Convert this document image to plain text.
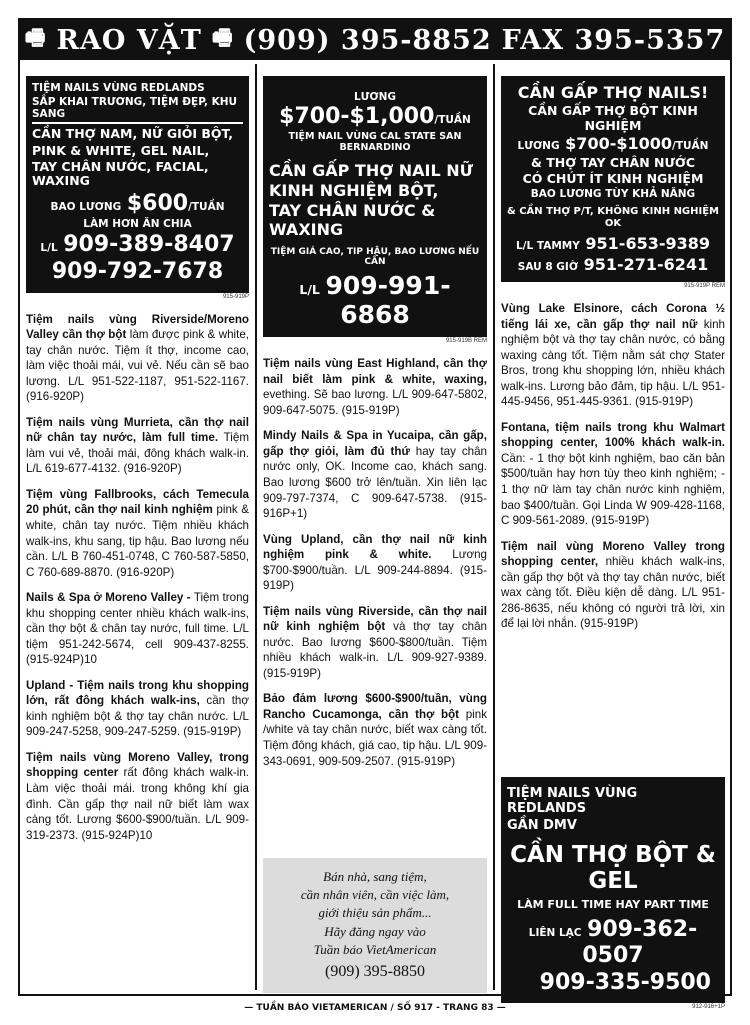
🖷 RAO VẶT 🖷 (909) 395-8852 FAX 395-5357
TIỆM NAILS VÙNG REDLANDS
SẮP KHAI TRƯƠNG, TIỆM ĐẸP, KHU SANG
CẦN THỢ NAM, NỮ GIỎI BỘT,
PINK & WHITE, GEL NAIL,
TAY CHÂN NƯỚC, FACIAL, WAXING
BAO LƯƠNG $600/TUẦN
LÀM HƠN ĂN CHIA
L/L 909-389-8407
909-792-7678
915-919P

Tiệm nails vùng Riverside/Moreno Valley cần thợ bột làm được pink & white, tay chân nước. Tiệm ít thợ, income cao, làm việc thoải mái, vui vẻ. Nếu cần sẽ bao lương. L/L 951-522-1187, 951-522-1167. (916-920P)

Tiệm nails vùng Murrieta, cần thợ nail nữ chân tay nước, làm full time. Tiệm làm vui vẻ, thoải mái, đông khách walk-in. L/L 619-677-4132. (916-920P)

Tiệm vùng Fallbrooks, cách Temecula 20 phút, cần thợ nail kinh nghiệm pink & white, chân tay nước. Tiệm nhiều khách walk-ins, khu sang, tip hậu. Bao lương nếu cần. L/L B 760-451-0748, C 760-587-5850, C 760-689-8870. (916-920P)

Nails & Spa ở Moreno Valley - Tiệm trong khu shopping center nhiều khách walk-ins, cần thợ bột & chân tay nước, full time. L/L tiệm 951-242-5674, cell 909-437-8255. (915-924P)10

Upland - Tiệm nails trong khu shopping lớn, rất đông khách walk-ins, cần thợ kinh nghiệm bột & thợ tay chân nước. L/L 909-247-5258, 909-247-5259. (915-919P)

Tiệm nails vùng Moreno Valley, trong shopping center rất đông khách walk-in. Làm việc thoải mái. trong không khí gia đình. Cần gấp thợ nail nữ biết làm wax càng tốt. Lương $600-$900/tuần. L/L 909-319-2373. (915-924P)10

LƯƠNG $700-$1,000/TUẦN
TIỆM NAIL VÙNG CAL STATE SAN BERNARDINO
CẦN GẤP THỢ NAIL NỮ
KINH NGHIỆM BỘT,
TAY CHÂN NƯỚC & WAXING
TIỆM GIÁ CAO, TIP HẬU, BAO LƯƠNG NẾU CẦN
L/L 909-991-6868
915-919B REM

Tiệm nails vùng East Highland, cần thợ nail biết làm pink & white, waxing, evething. Sẽ bao lương. L/L 909-647-5802, 909-647-5075. (915-919P)

Mindy Nails & Spa in Yucaipa, cần gấp, gấp thợ giỏi, làm đủ thứ hay tay chân nước only, OK. Income cao, khách sang. Bao lương $600 trở lên/tuần. Xin liên lạc 909-797-7374, C 909-647-5738. (915-916P+1)

Vùng Upland, cần thợ nail nữ kinh nghiệm pink & white. Lương $700-$900/tuần. L/L 909-244-8894. (915-919P)

Tiệm nails vùng Riverside, cần thợ nail nữ kinh nghiệm bột và thợ tay chân nước. Bao lương $600-$800/tuần. Tiệm nhiều khách walk-in. L/L 909-927-9389. (915-919P)

Bảo đảm lương $600-$900/tuần, vùng Rancho Cucamonga, cần thợ bột pink /white và tay chân nước, biết wax càng tốt. Tiệm đông khách, giá cao, tip hậu. L/L 909-343-0691, 909-509-2507. (915-919P)

Bán nhà, sang tiệm,
cần nhân viên, cần việc làm,
giới thiệu sản phẩm...
Hãy đăng ngay vào
Tuần báo VietAmerican
(909) 395-8850
CẦN GẤP THỢ NAILS!
CẦN GẤP THỢ BỘT KINH NGHIỆM
LƯƠNG $700-$1000/TUẦN
& THỢ TAY CHÂN NƯỚC
CÓ CHÚT ÍT KINH NGHIỆM
BAO LƯƠNG TÙY KHẢ NĂNG
& CẦN THỢ P/T, KHÔNG KINH NGHIỆM OK
L/L TAMMY 951-653-9389
SAU 8 GIỜ 951-271-6241
915-919P REM

Vùng Lake Elsinore, cách Corona ½ tiếng lái xe, cần gấp thợ nail nữ kinh nghiệm bột và thợ tay chân nước, có bằng waxing càng tốt. Tiệm nằm sát chợ Stater Bros, trong khu shopping lớn, nhiều khách walk-ins. Lương bảo đảm, tip hậu. L/L 951-445-9456, 951-445-9361. (915-919P)

Fontana, tiệm nails trong khu Walmart shopping center, 100% khách walk-in. Cần: - 1 thợ bột kinh nghiệm, bao căn bản $500/tuần hay hơn tùy theo kinh nghiệm; - 1 thợ nữ làm tay chân nước kinh nghiệm, bao $400/tuần. Gọi Linda W 909-428-1168, C 909-561-2089. (915-919P)

Tiệm nail vùng Moreno Valley trong shopping center, nhiều khách walk-ins, cần gấp thợ bột và thợ tay chân nước, biết wax càng tốt. Điều kiện dễ dàng. L/L 951-286-8635, nếu không có người trả lời, xin để lại lời nhắn. (915-919P)

TIỆM NAILS VÙNG REDLANDS
GẦN DMV
CẦN THỢ BỘT & GEL
LÀM FULL TIME HAY PART TIME
LIÊN LẠC 909-362-0507
909-335-9500
912-916+1P
— TUẦN BÁO VIETAMERICAN / SỐ 917 - TRANG 83 —
